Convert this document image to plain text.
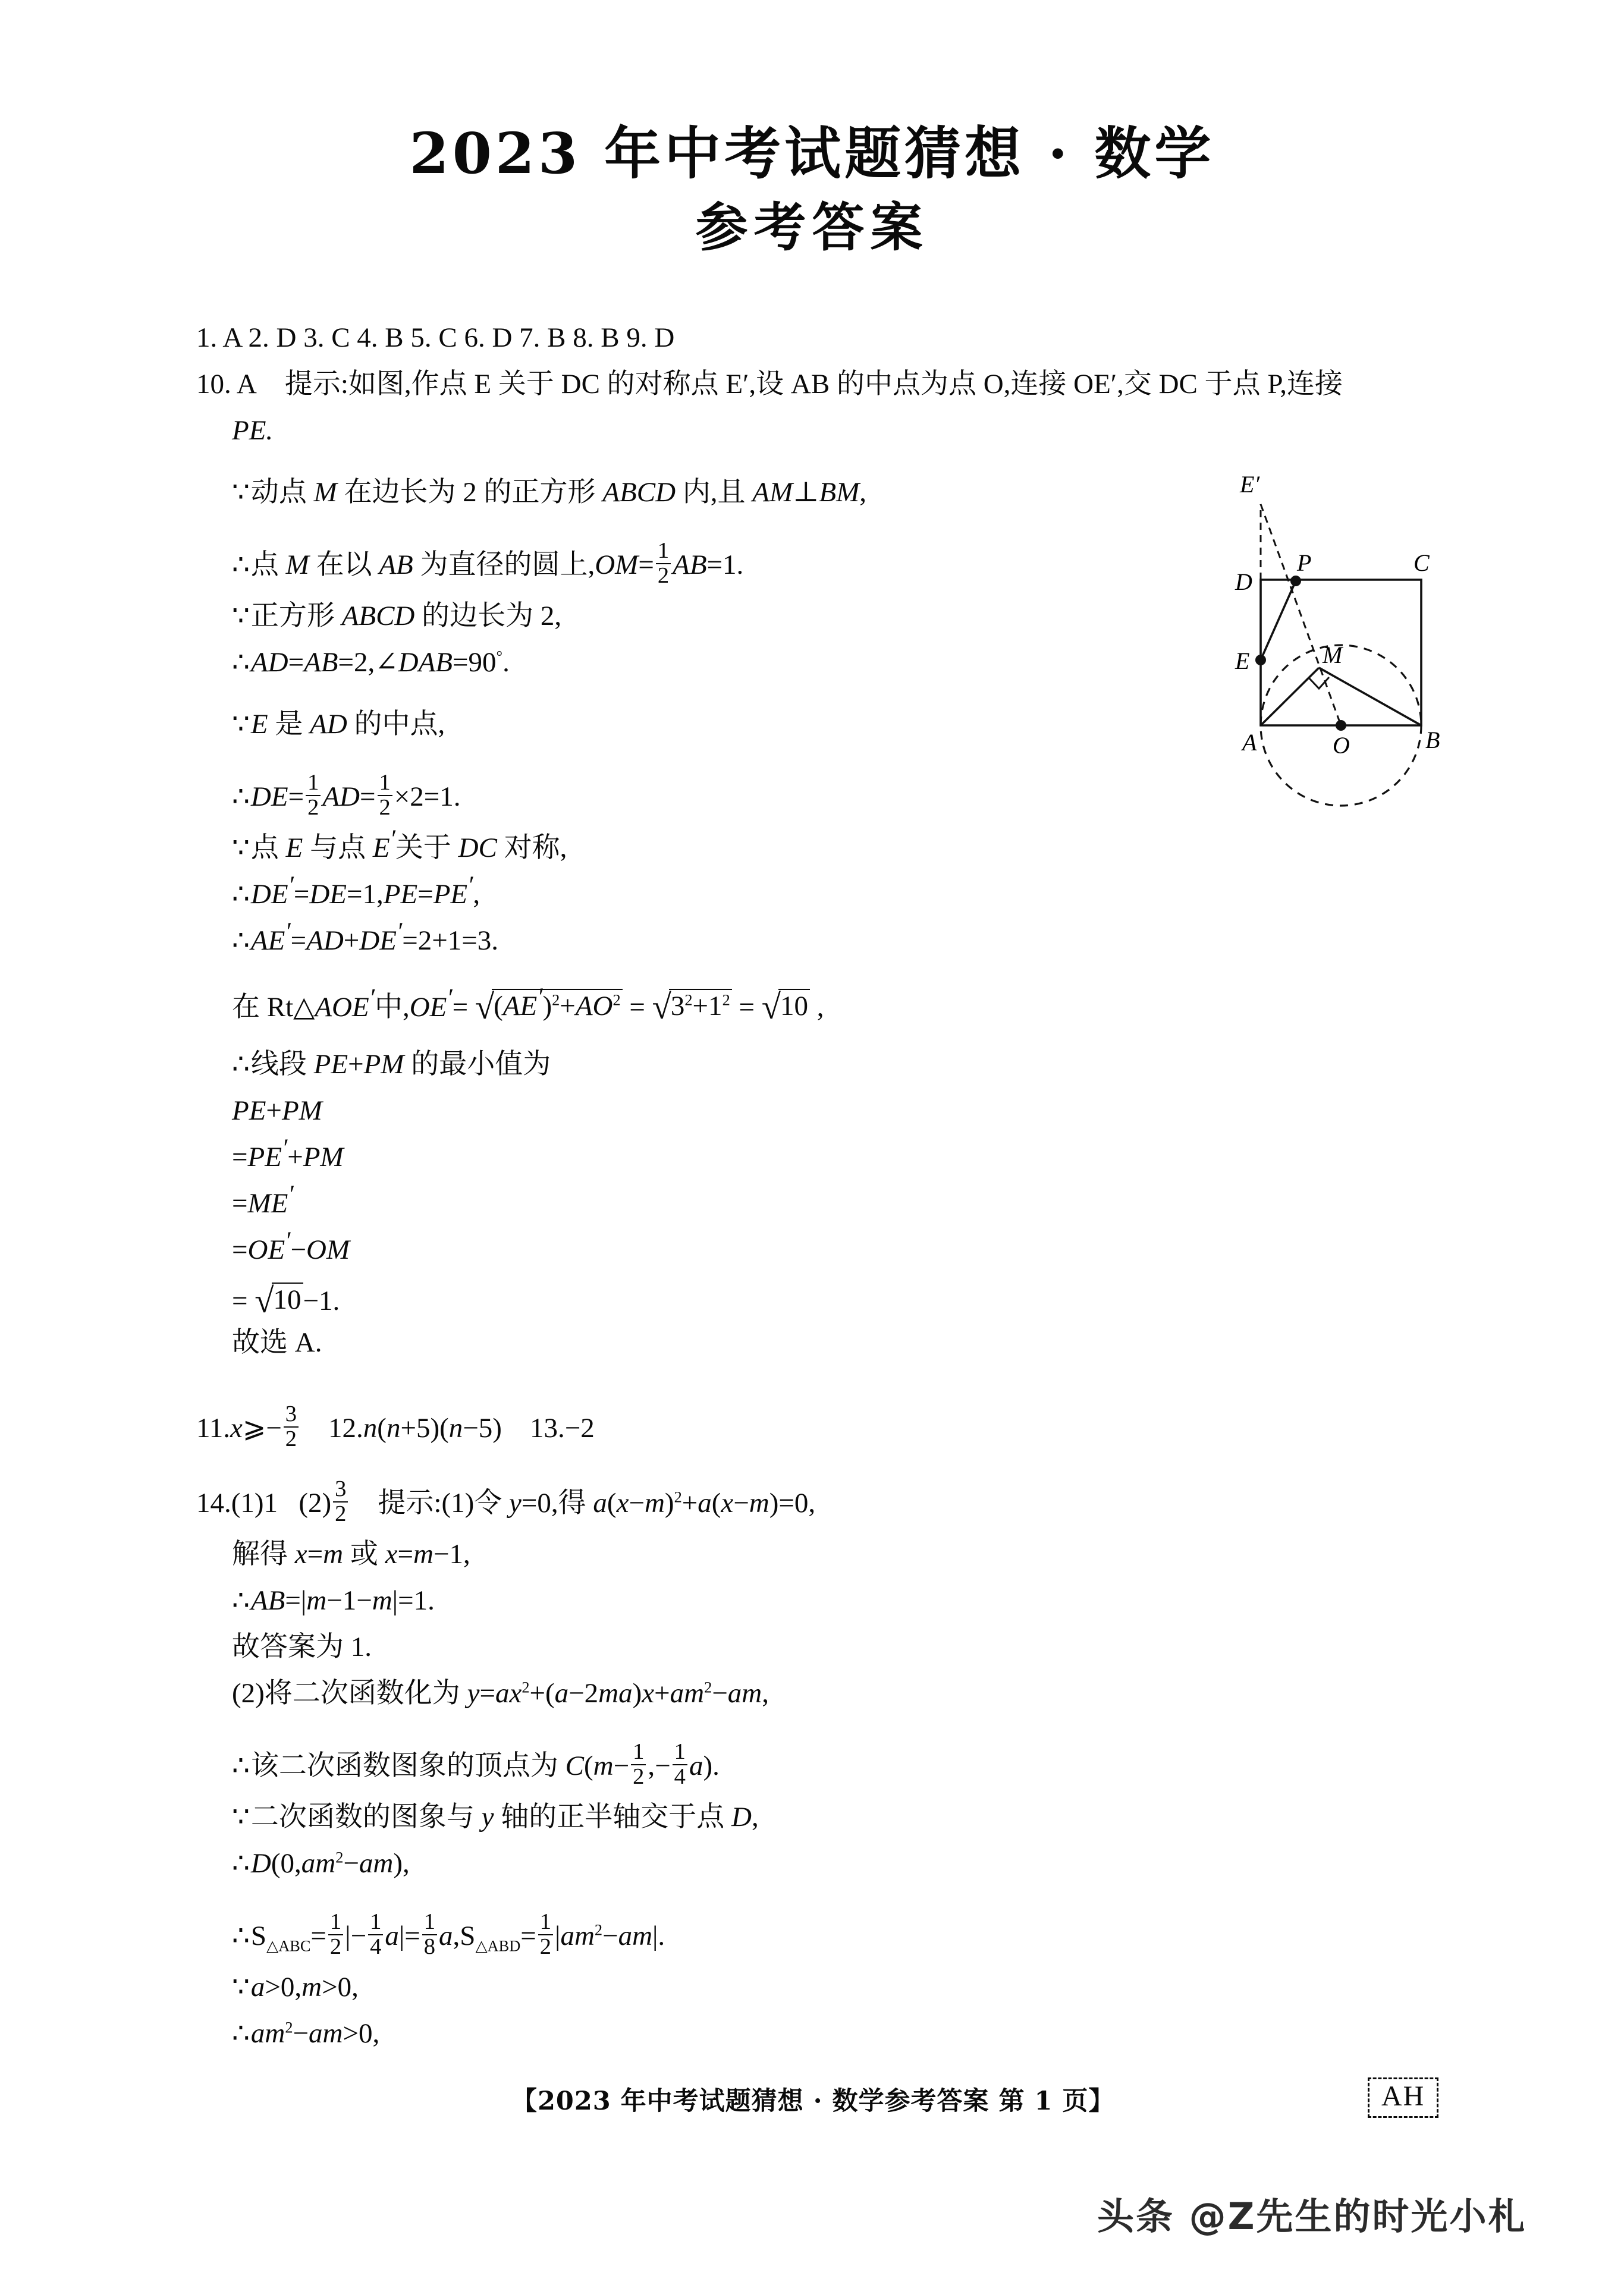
2023 年中考试题猜想 · 数学
参考答案
1. A 2. D 3. C 4. B 5. C 6. D 7. B 8. B 9. D
10. A 提示:如图,作点 E 关于 DC 的对称点 E′,设 AB 的中点为点 O,连接 OE′,交 DC 于点 P,连接
PE.
∵动点 M 在边长为 2 的正方形 ABCD 内,且 AM⊥BM,
∴点 M 在以 AB 为直径的圆上$,OM= \frac{1}{2} AB=1$.
∵正方形 ABCD 的边长为 2,
∴AD=AB=2,∠DAB=90°.
∵E 是 AD 的中点,
∴DE= $\frac{1}{2} AD= \frac{1}{2} \times 2=1$.
∵点 E 与点 E′关于 DC 对称,
∴DE′=DE=1,PE=PE′,
∴AE′=AD+DE′=2+1=3.
在 Rt△AOE′中$,OE'= √(AE')^2+AO^2 = √3^2+1^2 = √10$ ,
∴线段 PE+PM 的最小值为
PE+PM
=PE′+PM
=ME′
=OE′−OM
= √10−1.
故选 A.
11.x⩾− $\frac{3}{2} 12.n(n+5)(n-5)$ 13.−2
14.(1)1 $(2) \frac{3}{2}$ 提示:(1)令 y=0,得 $a(x-m)^2+a(x-m)=0$,
解得 x=m 或 x=m−1,
∴AB=|m−1−m|=1.
故答案为 1.
(2)将二次函数化为 $y=ax^2+(a-2ma)x+am^2-am$,
∴该二次函数图象的顶点为 $C(m- \frac{1}{2}$ ,− $\frac{1}{4} a$).
∵二次函数的图象与 y 轴的正半轴交于点 D,
$\therefore D(0,am^2-am)$,
$\therefore S_{\triangle ABC}= \frac{1}{2}$ |− $\frac{1}{4} a|= \frac{1}{8} a,S_{\triangle ABD}= \frac{1}{2} |am^2-am|$.
∵a>0,m>0,
$\therefore am^2-am>0$,
E′
D
P	C
E	M
A	O	B
【2023 年中考试题猜想 · 数学参考答案 第 1 页】	AH
头条 @Z先生的时光小札
